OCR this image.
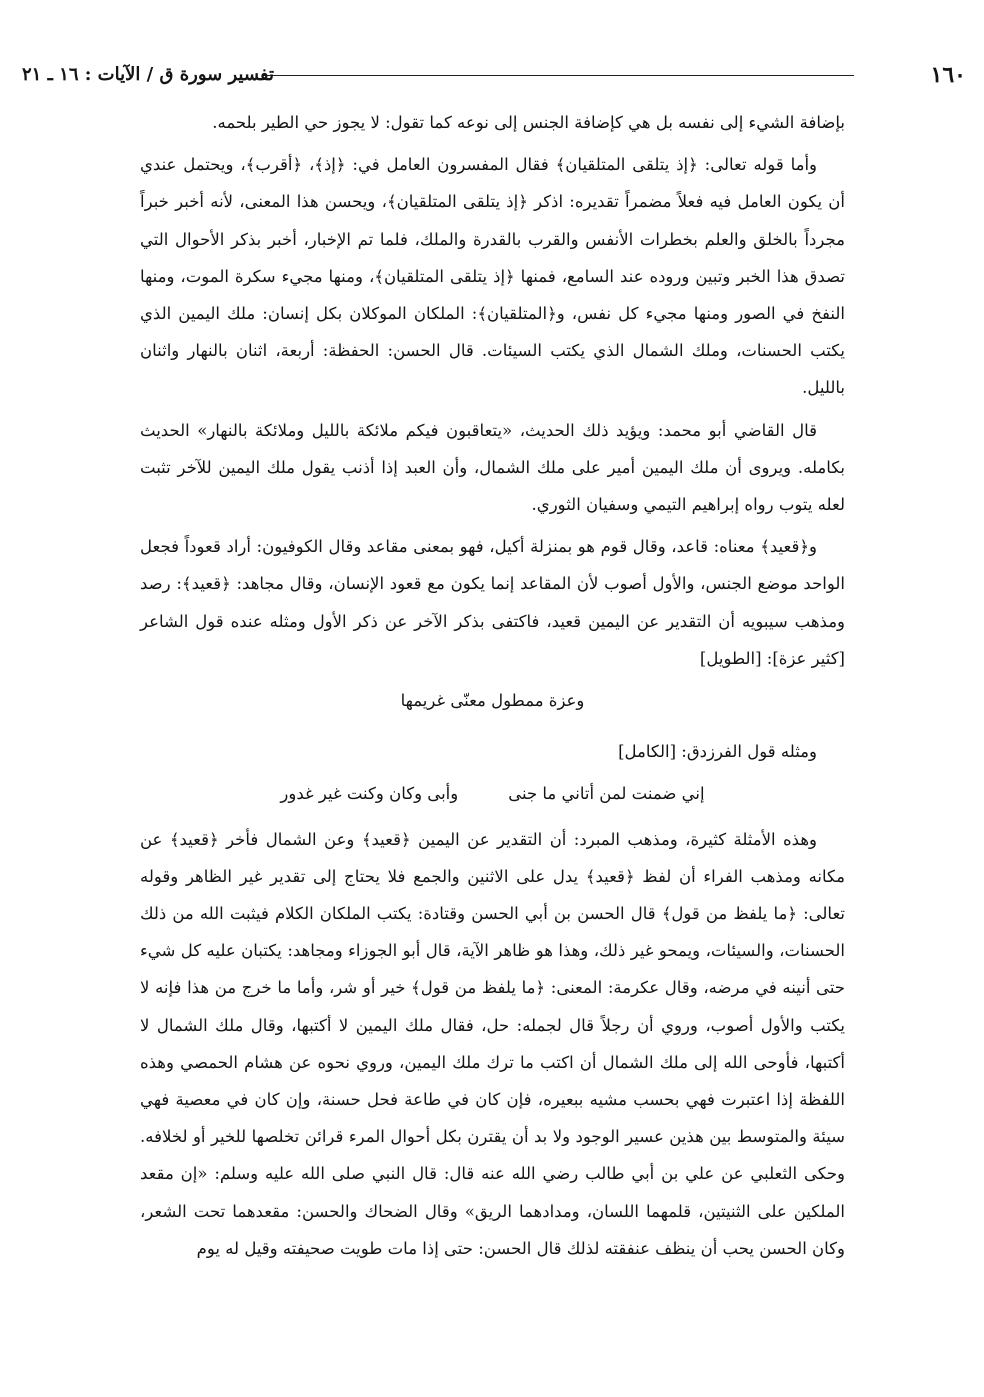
١٦٠
تفسير سورة ق / الآيات : ١٦ ـ ٢١

بإضافة الشيء إلى نفسه بل هي كإضافة الجنس إلى نوعه كما تقول: لا يجوز حي الطير بلحمه.

وأما قوله تعالى: ﴿إذ يتلقى المتلقيان﴾ فقال المفسرون العامل في: ﴿إذ﴾، ﴿أقرب﴾، ويحتمل عندي أن يكون العامل فيه فعلاً مضمراً تقديره: اذكر ﴿إذ يتلقى المتلقيان﴾، ويحسن هذا المعنى، لأنه أخبر خبراً مجرداً بالخلق والعلم بخطرات الأنفس والقرب بالقدرة والملك، فلما تم الإخبار، أخبر بذكر الأحوال التي تصدق هذا الخبر وتبين وروده عند السامع، فمنها ﴿إذ يتلقى المتلقيان﴾، ومنها مجيء سكرة الموت، ومنها النفخ في الصور ومنها مجيء كل نفس، و﴿المتلقيان﴾: الملكان الموكلان بكل إنسان: ملك اليمين الذي يكتب الحسنات، وملك الشمال الذي يكتب السيئات. قال الحسن: الحفظة: أربعة، اثنان بالنهار واثنان بالليل.

قال القاضي أبو محمد: ويؤيد ذلك الحديث، «يتعاقبون فيكم ملائكة بالليل وملائكة بالنهار» الحديث بكامله. ويروى أن ملك اليمين أمير على ملك الشمال، وأن العبد إذا أذنب يقول ملك اليمين للآخر تثبت لعله يتوب رواه إبراهيم التيمي وسفيان الثوري.

و﴿قعيد﴾ معناه: قاعد، وقال قوم هو بمنزلة أكيل، فهو بمعنى مقاعد وقال الكوفيون: أراد قعوداً فجعل الواحد موضع الجنس، والأول أصوب لأن المقاعد إنما يكون مع قعود الإنسان، وقال مجاهد: ﴿قعيد﴾: رصد ومذهب سيبويه أن التقدير عن اليمين قعيد، فاكتفى بذكر الآخر عن ذكر الأول ومثله عنده قول الشاعر [كثير عزة]: [الطويل]

وعزة ممطول معنّى غريمها

ومثله قول الفرزدق: [الكامل]

إني ضمنت لمن أتاني ما جنى
وأبى وكان وكنت غير غدور

وهذه الأمثلة كثيرة، ومذهب المبرد: أن التقدير عن اليمين ﴿قعيد﴾ وعن الشمال فأخر ﴿قعيد﴾ عن مكانه ومذهب الفراء أن لفظ ﴿قعيد﴾ يدل على الاثنين والجمع فلا يحتاج إلى تقدير غير الظاهر وقوله تعالى: ﴿ما يلفظ من قول﴾ قال الحسن بن أبي الحسن وقتادة: يكتب الملكان الكلام فيثبت الله من ذلك الحسنات، والسيئات، ويمحو غير ذلك، وهذا هو ظاهر الآية، قال أبو الجوزاء ومجاهد: يكتبان عليه كل شيء حتى أنينه في مرضه، وقال عكرمة: المعنى: ﴿ما يلفظ من قول﴾ خير أو شر، وأما ما خرج من هذا فإنه لا يكتب والأول أصوب، وروي أن رجلاً قال لجمله: حل، فقال ملك اليمين لا أكتبها، وقال ملك الشمال لا أكتبها، فأوحى الله إلى ملك الشمال أن اكتب ما ترك ملك اليمين، وروي نحوه عن هشام الحمصي وهذه اللفظة إذا اعتبرت فهي بحسب مشيه ببعيره، فإن كان في طاعة فحل حسنة، وإن كان في معصية فهي سيئة والمتوسط بين هذين عسير الوجود ولا بد أن يقترن بكل أحوال المرء قرائن تخلصها للخير أو لخلافه. وحكى الثعلبي عن علي بن أبي طالب رضي الله عنه قال: قال النبي صلى الله عليه وسلم: «إن مقعد الملكين على الثنيتين، قلمهما اللسان، ومدادهما الريق» وقال الضحاك والحسن: مقعدهما تحت الشعر، وكان الحسن يحب أن ينظف عنفقته لذلك قال الحسن: حتى إذا مات طويت صحيفته وقيل له يوم
